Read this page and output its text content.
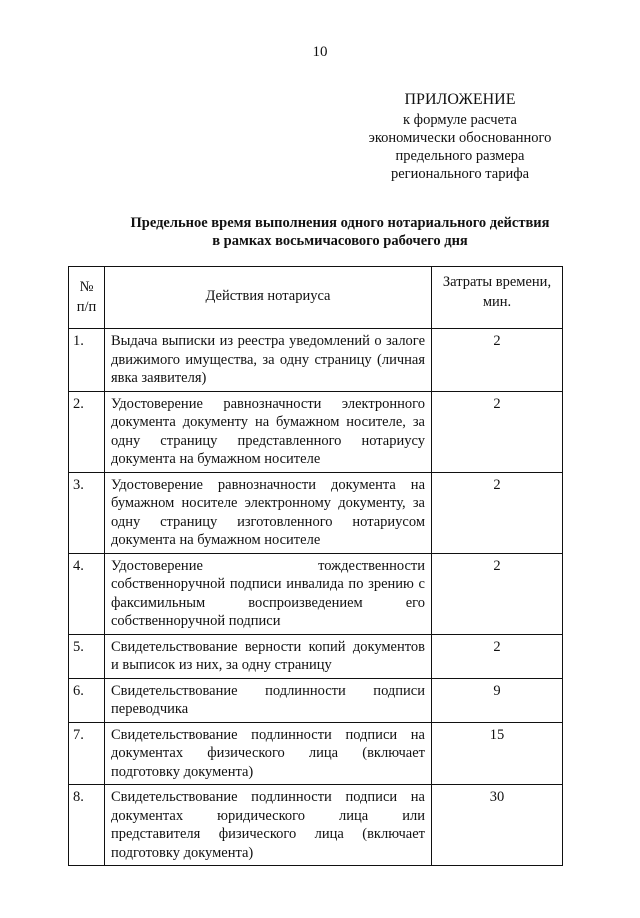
10
ПРИЛОЖЕНИЕ
к формуле расчета
экономически обоснованного
предельного размера
регионального тарифа
Предельное время выполнения одного нотариального действия
в рамках восьмичасового рабочего дня
№ п/п	Действия нотариуса	Затраты времени, мин.
1.	Выдача выписки из реестра уведомлений о залоге движимого имущества, за одну страницу (личная явка заявителя)	2
2.	Удостоверение равнозначности электронного документа документу на бумажном носителе, за одну страницу представленного нотариусу документа на бумажном носителе	2
3.	Удостоверение равнозначности документа на бумажном носителе электронному документу, за одну страницу изготовленного нотариусом документа на бумажном носителе	2
4.	Удостоверение тождественности собственноручной подписи инвалида по зрению с факсимильным воспроизведением его собственноручной подписи	2
5.	Свидетельствование верности копий документов и выписок из них, за одну страницу	2
6.	Свидетельствование подлинности подписи переводчика	9
7.	Свидетельствование подлинности подписи на документах физического лица (включает подготовку документа)	15
8.	Свидетельствование подлинности подписи на документах юридического лица или представителя физического лица (включает подготовку документа)	30
